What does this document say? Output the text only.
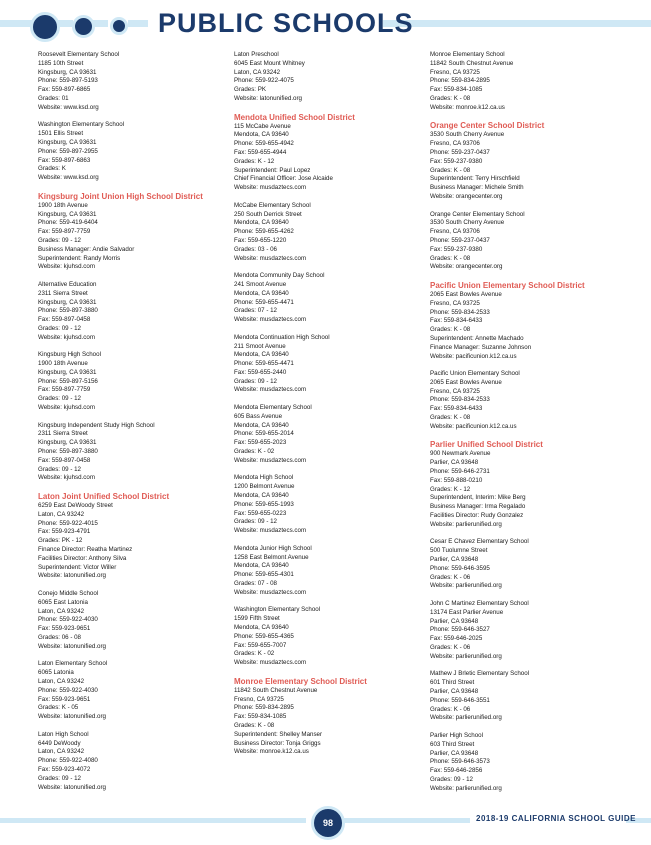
PUBLIC SCHOOLS
Roosevelt Elementary School
1185 10th Street
Kingsburg, CA 93631
Phone: 559-897-5193
Fax: 559-897-6865
Grades: 01
Website: www.ksd.org
Washington Elementary School
1501 Ellis Street
Kingsburg, CA 93631
Phone: 559-897-2955
Fax: 559-897-6863
Grades: K
Website: www.ksd.org
Kingsburg Joint Union High School District
1900 18th Avenue
Kingsburg, CA 93631
Phone: 559-419-6404
Fax: 559-897-7759
Grades: 09 - 12
Business Manager: Andie Salvador
Superintendent: Randy Morris
Website: kjuhsd.com
Alternative Education
2311 Sierra Street
Kingsburg, CA 93631
Phone: 559-897-3880
Fax: 559-897-0458
Grades: 09 - 12
Website: kjuhsd.com
Kingsburg High School
1900 18th Avenue
Kingsburg, CA 93631
Phone: 559-897-5156
Fax: 559-897-7759
Grades: 09 - 12
Website: kjuhsd.com
Kingsburg Independent Study High School
2311 Sierra Street
Kingsburg, CA 93631
Phone: 559-897-3880
Fax: 559-897-0458
Grades: 09 - 12
Website: kjuhsd.com
Laton Joint Unified School District
6259 East DeWoody Street
Laton, CA 93242
Phone: 559-922-4015
Fax: 559-923-4791
Grades: PK - 12
Finance Director: Reatha Martinez
Facilities Director: Anthony Silva
Superintendent: Victor Willer
Website: latonunified.org
Conejo Middle School
6065 East Latonia
Laton, CA 93242
Phone: 559-922-4030
Fax: 559-923-9651
Grades: 06 - 08
Website: latonunified.org
Laton Elementary School
6065 Latonia
Laton, CA 93242
Phone: 559-922-4030
Fax: 559-923-9651
Grades: K - 05
Website: latonunified.org
Laton High School
6449 DeWoody
Laton, CA 93242
Phone: 559-922-4080
Fax: 559-923-4072
Grades: 09 - 12
Website: latonunified.org
Laton Preschool
6045 East Mount Whitney
Laton, CA 93242
Phone: 559-922-4075
Grades: PK
Website: latonunified.org
Mendota Unified School District
115 McCabe Avenue
Mendota, CA 93640
Phone: 559-655-4942
Fax: 559-655-4944
Grades: K - 12
Superintendent: Paul Lopez
Chief Financial Officer: Jose Alcaide
Website: musdaztecs.com
McCabe Elementary School
250 South Derrick Street
Mendota, CA 93640
Phone: 559-655-4262
Fax: 559-655-1220
Grades: 03 - 06
Website: musdaztecs.com
Mendota Community Day School
241 Smoot Avenue
Mendota, CA 93640
Phone: 559-655-4471
Grades: 07 - 12
Website: musdaztecs.com
Mendota Continuation High School
211 Smoot Avenue
Mendota, CA 93640
Phone: 559-655-4471
Fax: 559-655-2440
Grades: 09 - 12
Website: musdaztecs.com
Mendota Elementary School
605 Bass Avenue
Mendota, CA 93640
Phone: 559-655-2014
Fax: 559-655-2023
Grades: K - 02
Website: musdaztecs.com
Mendota High School
1200 Belmont Avenue
Mendota, CA 93640
Phone: 559-655-1993
Fax: 559-655-0223
Grades: 09 - 12
Website: musdaztecs.com
Mendota Junior High School
1258 East Belmont Avenue
Mendota, CA 93640
Phone: 559-655-4301
Grades: 07 - 08
Website: musdaztecs.com
Washington Elementary School
1599 Fifth Street
Mendota, CA 93640
Phone: 559-655-4365
Fax: 559-655-7007
Grades: K - 02
Website: musdaztecs.com
Monroe Elementary School District
11842 South Chestnut Avenue
Fresno, CA 93725
Phone: 559-834-2895
Fax: 559-834-1085
Grades: K - 08
Superintendent: Shelley Manser
Business Director: Tonja Griggs
Website: monroe.k12.ca.us
Monroe Elementary School
11842 South Chestnut Avenue
Fresno, CA 93725
Phone: 559-834-2895
Fax: 559-834-1085
Grades: K - 08
Website: monroe.k12.ca.us
Orange Center School District
3530 South Cherry Avenue
Fresno, CA 93706
Phone: 559-237-0437
Fax: 559-237-9380
Grades: K - 08
Superintendent: Terry Hirschfield
Business Manager: Michele Smith
Website: orangecenter.org
Orange Center Elementary School
3530 South Cherry Avenue
Fresno, CA 93706
Phone: 559-237-0437
Fax: 559-237-9380
Grades: K - 08
Website: orangecenter.org
Pacific Union Elementary School District
2065 East Bowles Avenue
Fresno, CA 93725
Phone: 559-834-2533
Fax: 559-834-6433
Grades: K - 08
Superintendent: Annette Machado
Finance Manager: Suzanne Johnson
Website: pacificunion.k12.ca.us
Pacific Union Elementary School
2065 East Bowles Avenue
Fresno, CA 93725
Phone: 559-834-2533
Fax: 559-834-6433
Grades: K - 08
Website: pacificunion.k12.ca.us
Parlier Unified School District
900 Newmark Avenue
Parlier, CA 93648
Phone: 559-646-2731
Fax: 559-888-0210
Grades: K - 12
Superintendent, Interim: Mike Berg
Business Manager: Irma Regalado
Facilities Director: Rudy Gonzalez
Website: parlierunified.org
Cesar E Chavez Elementary School
500 Tuolumne Street
Parlier, CA 93648
Phone: 559-646-3595
Grades: K - 06
Website: parlierunified.org
John C Martinez Elementary School
13174 East Parlier Avenue
Parlier, CA 93648
Phone: 559-646-3527
Fax: 559-646-2025
Grades: K - 06
Website: parlierunified.org
Mathew J Brletic Elementary School
601 Third Street
Parlier, CA 93648
Phone: 559-646-3551
Grades: K - 06
Website: parlierunified.org
Parlier High School
603 Third Street
Parlier, CA 93648
Phone: 559-646-3573
Fax: 559-646-2856
Grades: 09 - 12
Website: parlierunified.org
98	2018-19 CALIFORNIA SCHOOL GUIDE
